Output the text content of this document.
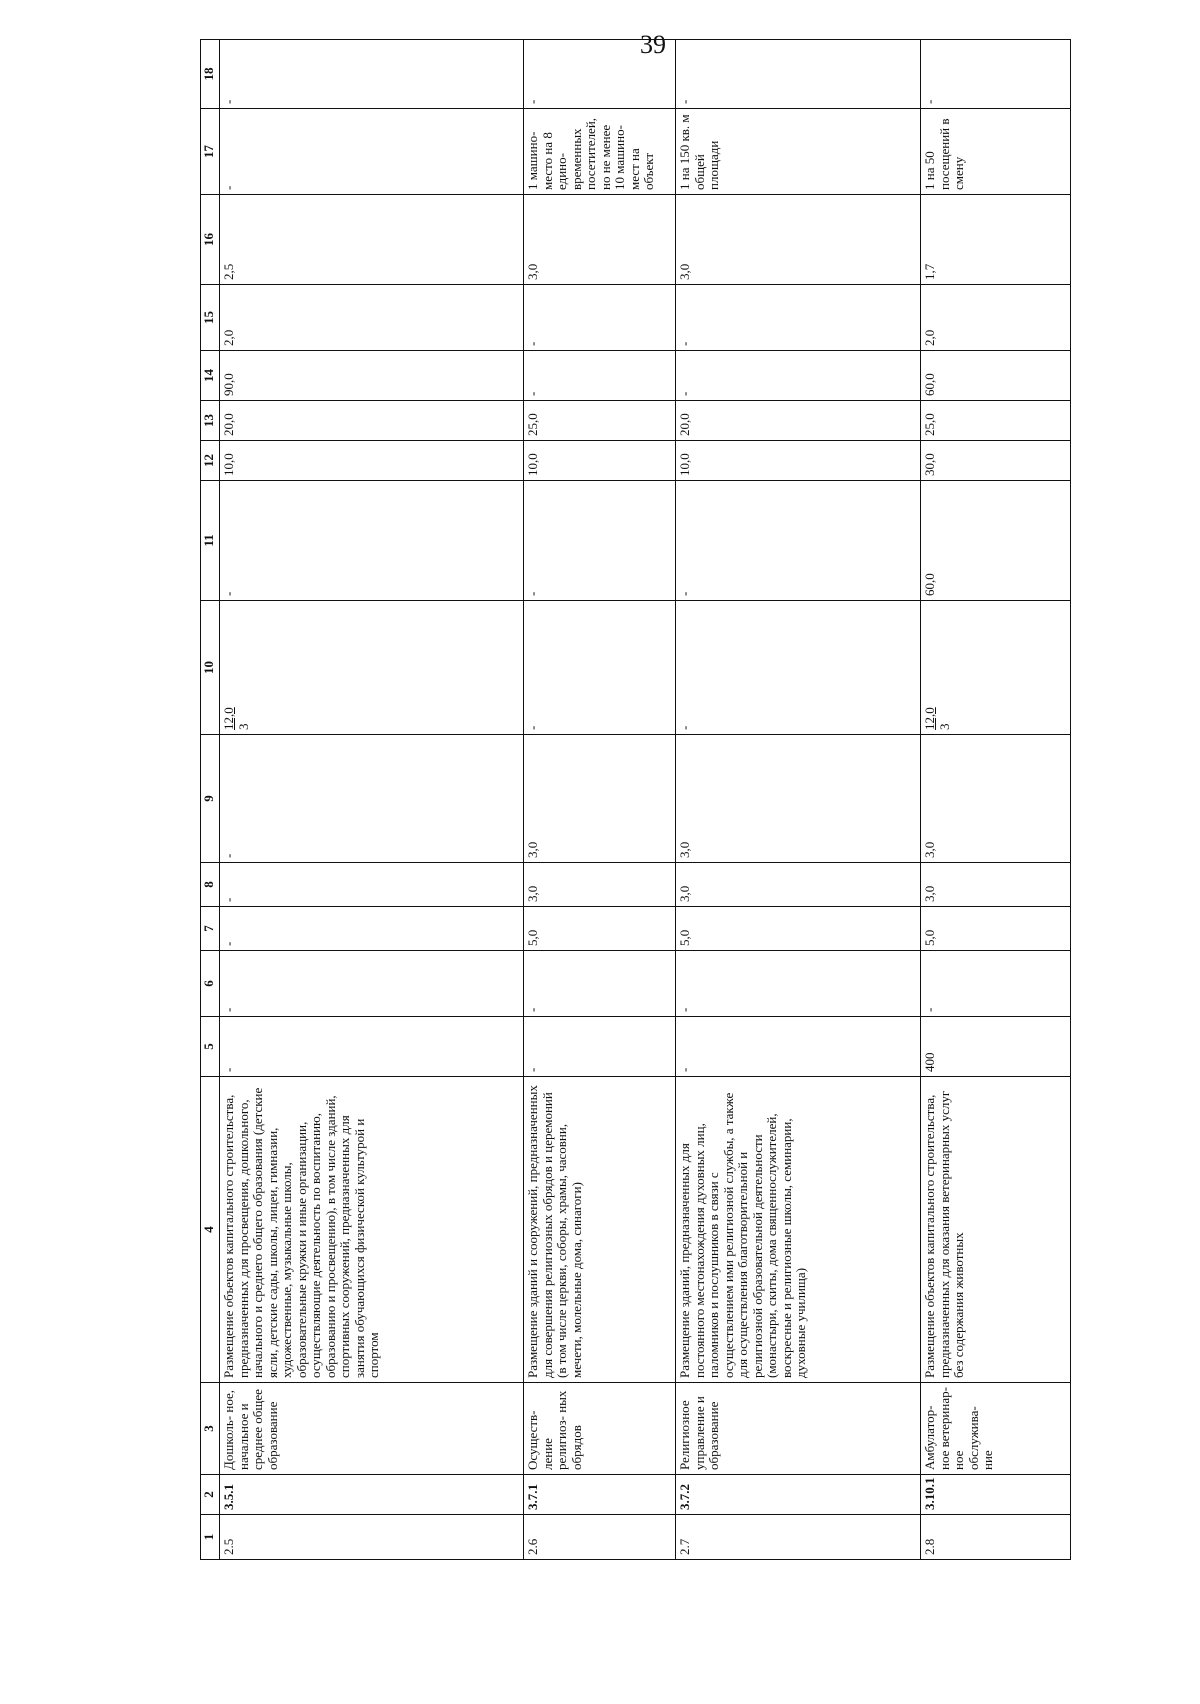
39
1	2	3	4	5	6	7	8	9	10	11	12	13	14	15	16	17	18
2.5	3.5.1	Дошколь- ное, начальное и среднее общее образование	Размещение объектов капитального строительства, предназначенных для просвещения, дошкольного, начального и среднего общего образования (детские ясли, детские сады, школы, лицеи, гимназии, художественные, музыкальные школы, образовательные кружки и иные организации, осуществляющие деятельность по воспитанию, образованию и просвещению), в том числе зданий, спортивных сооружений, предназначенных для занятия обучающихся физической культурой и спортом	-	-	-	-	-	12,0 3	-	10,0	20,0	90,0	2,0	2,5	-	-
2.6	3.7.1	Осуществ- ление религиоз- ных обрядов	Размещение зданий и сооружений, предназначенных для совершения религиозных обрядов и церемоний (в том числе церкви, соборы, храмы, часовни, мечети, молельные дома, синагоги)	-	-	5,0	3,0	3,0	-	-	10,0	25,0	-	-	3,0	1 машино- место на 8 едино- временных посетителей, но не менее 10 машино- мест на объект	-
2.7	3.7.2	Религиозное управление и образование	Размещение зданий, предназначенных для постоянного местонахождения духовных лиц, паломников и послушников в связи с осуществлением ими религиозной службы, а также для осуществления благотворительной и религиозной образовательной деятельности (монастыри, скиты, дома священнослужителей, воскресные и религиозные школы, семинарии, духовные училища)	-	-	5,0	3,0	3,0	-	-	10,0	20,0	-	-	3,0	1 на 150 кв. м общей площади	-
2.8	3.10.1	Амбулатор- ное ветеринар- ное обслужива- ние	Размещение объектов капитального строительства, предназначенных для оказания ветеринарных услуг без содержания животных	400	-	5,0	3,0	3,0	12,0 3	60,0	30,0	25,0	60,0	2,0	1,7	1 на 50 посещений в смену	-
